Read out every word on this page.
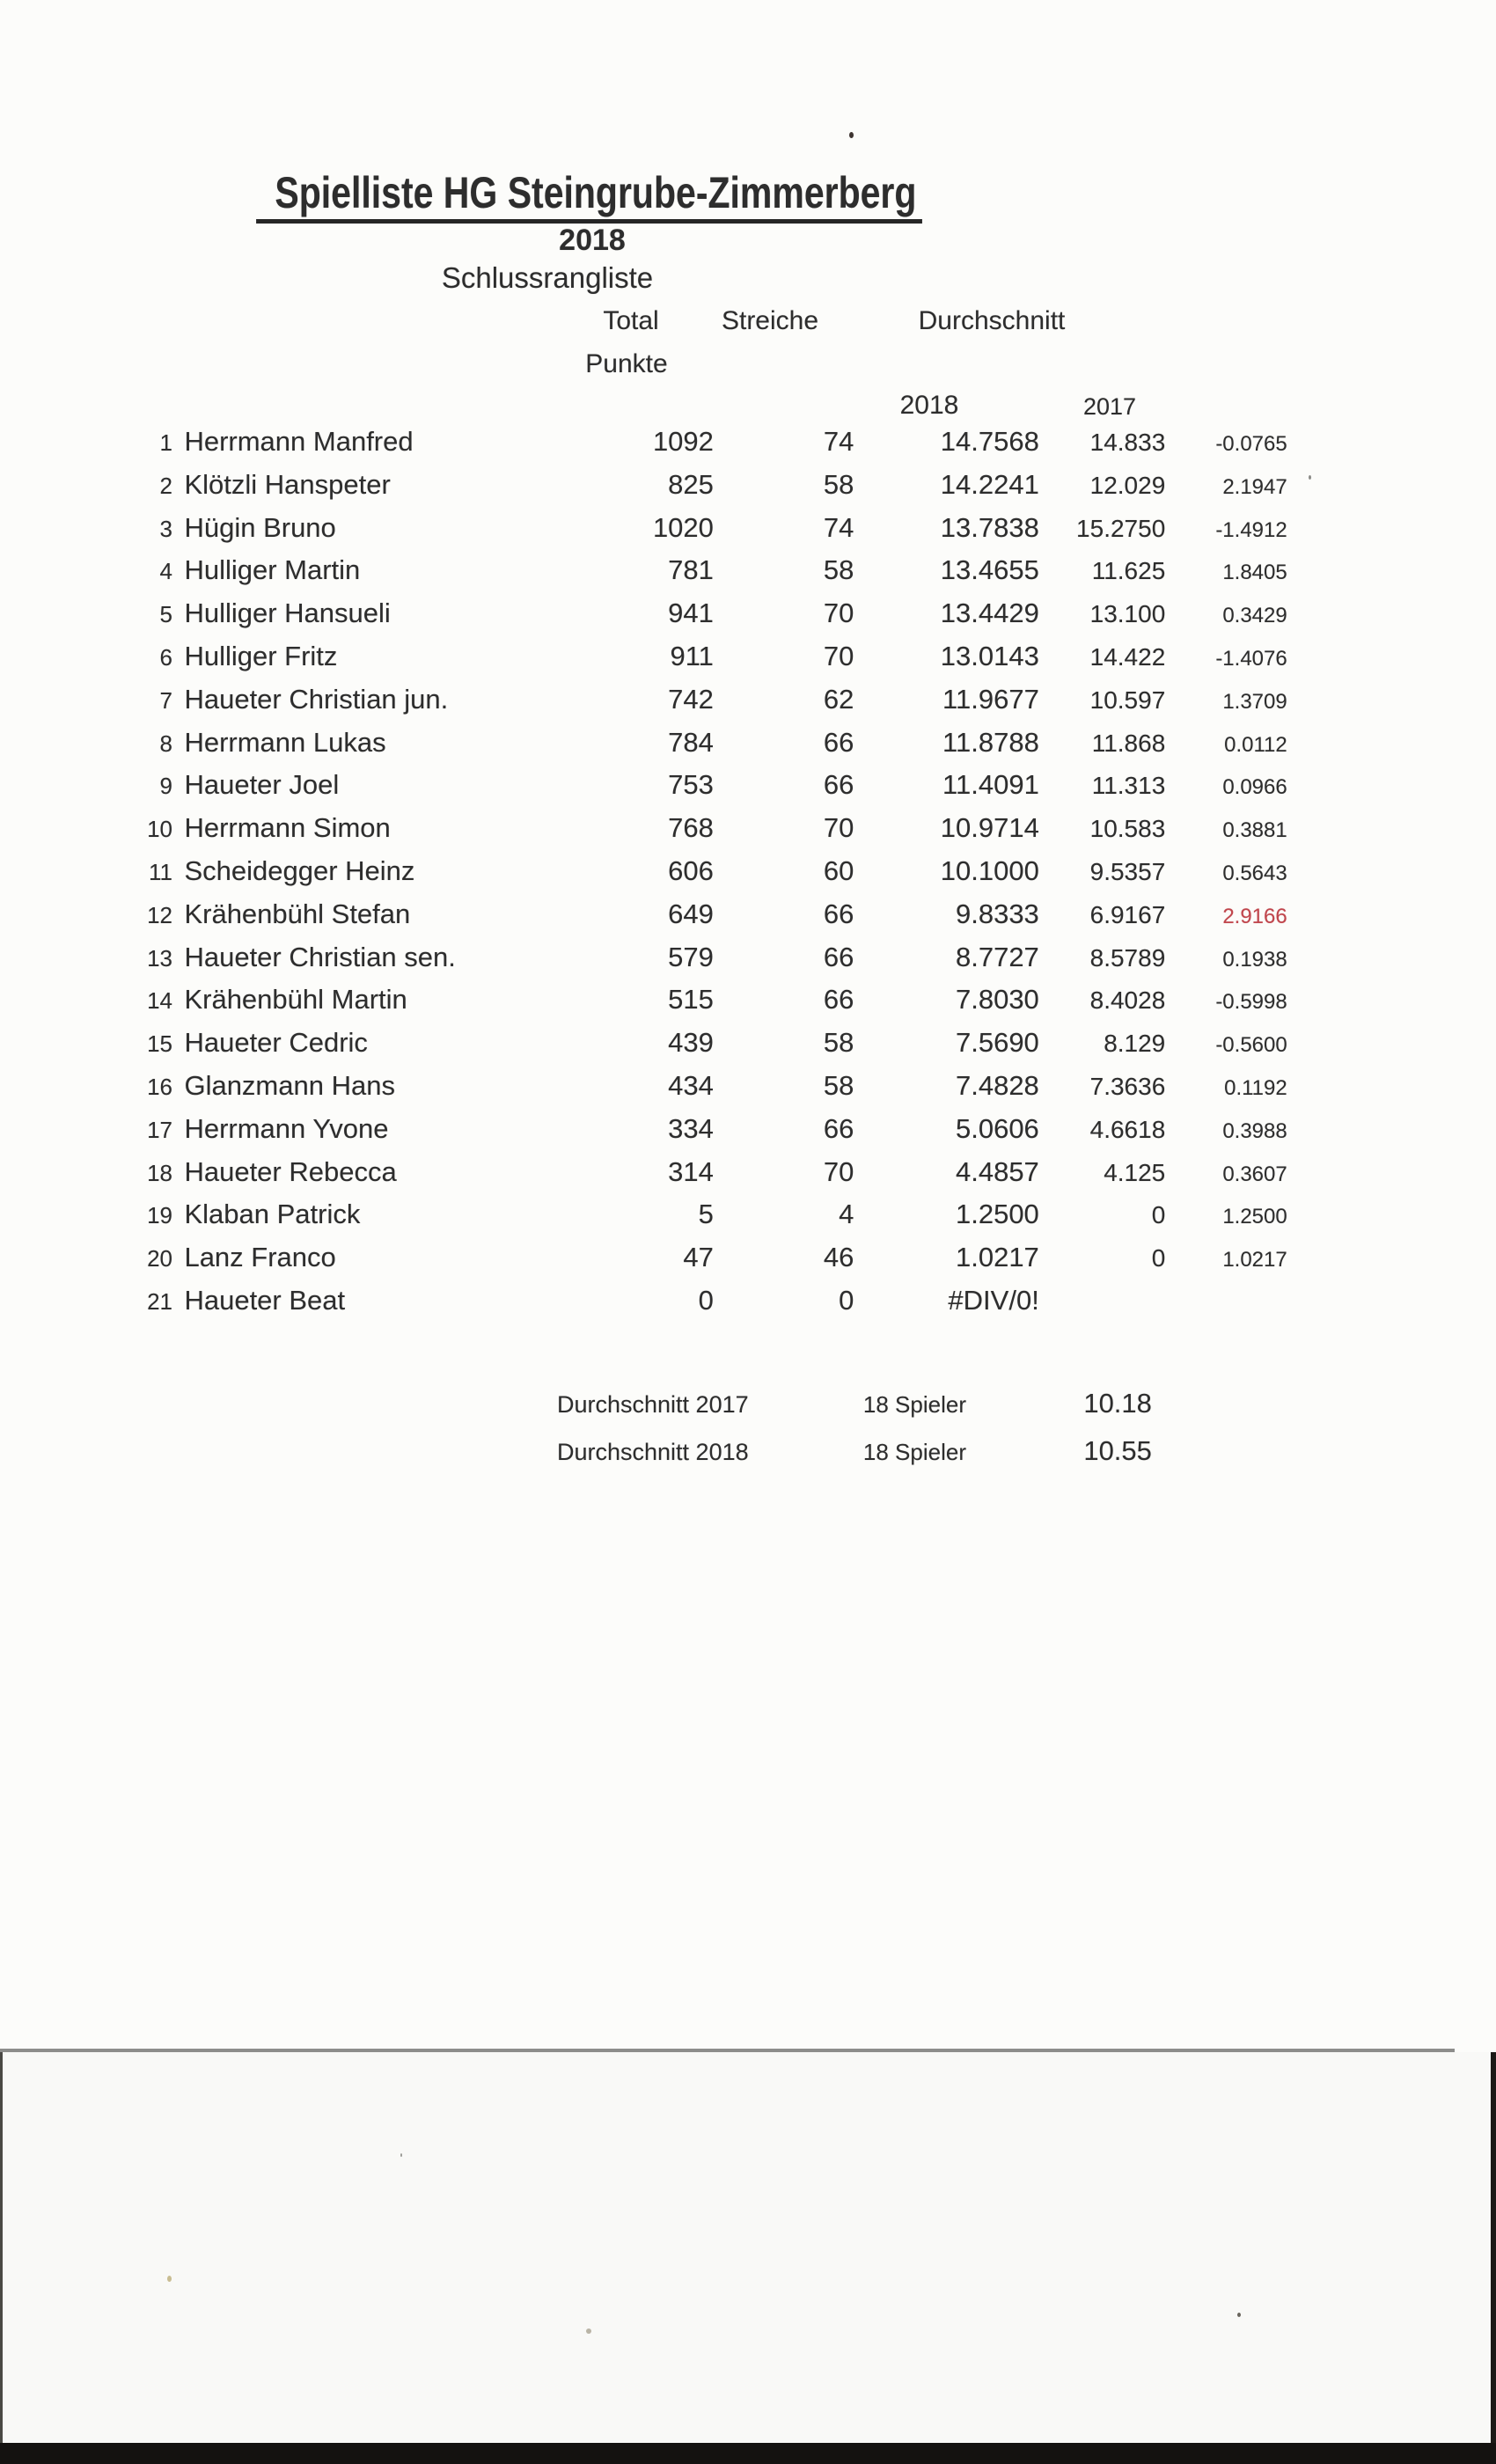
Spielliste HG Steingrube-Zimmerberg
2018
Schlussrangliste
Total Streiche	Durchschnitt
Punkte
2018	2017
1 Herrmann Manfred	1092	74	14.7568 14.833 -0.0765
2 Klötzli Hanspeter	825	58	14.2241 12.029	2.1947
3 Hügin Bruno	1020	74	13.7838 15.2750 -1.4912
4 Hulliger Martin	781	58	13.4655 11.625	1.8405
5 Hulliger Hansueli	941	70	13.4429 13.100	0.3429
6 Hulliger Fritz	911	70	13.0143 14.422 -1.4076
7 Haueter Christian jun.	742	62	11.9677 10.597	1.3709
8 Herrmann Lukas	784	66	11.8788 11.868	0.0112
9 Haueter Joel	753	66	11.4091 11.313	0.0966
10 Herrmann Simon	768	70	10.9714 10.583	0.3881
11 Scheidegger Heinz	606	60	10.1000 9.5357	0.5643
12 Krähenbühl Stefan	649	66	9.8333 6.9167	2.9166
13 Haueter Christian sen.	579	66	8.7727 8.5789	0.1938
14 Krähenbühl Martin	515	66	7.8030 8.4028 -0.5998
15 Haueter Cedric	439	58	7.5690	8.129 -0.5600
16 Glanzmann Hans	434	58	7.4828 7.3636	0.1192
17 Herrmann Yvone	334	66	5.0606 4.6618	0.3988
18 Haueter Rebecca	314	70	4.4857	4.125	0.3607
19 Klaban Patrick	5	4	1.2500	0	1.2500
20 Lanz Franco	47	46	1.0217	0	1.0217
21 Haueter Beat	0	0	#DIV/0!
Durchschnitt 2017	18 Spieler	10.18
Durchschnitt 2018	18 Spieler	10.55
